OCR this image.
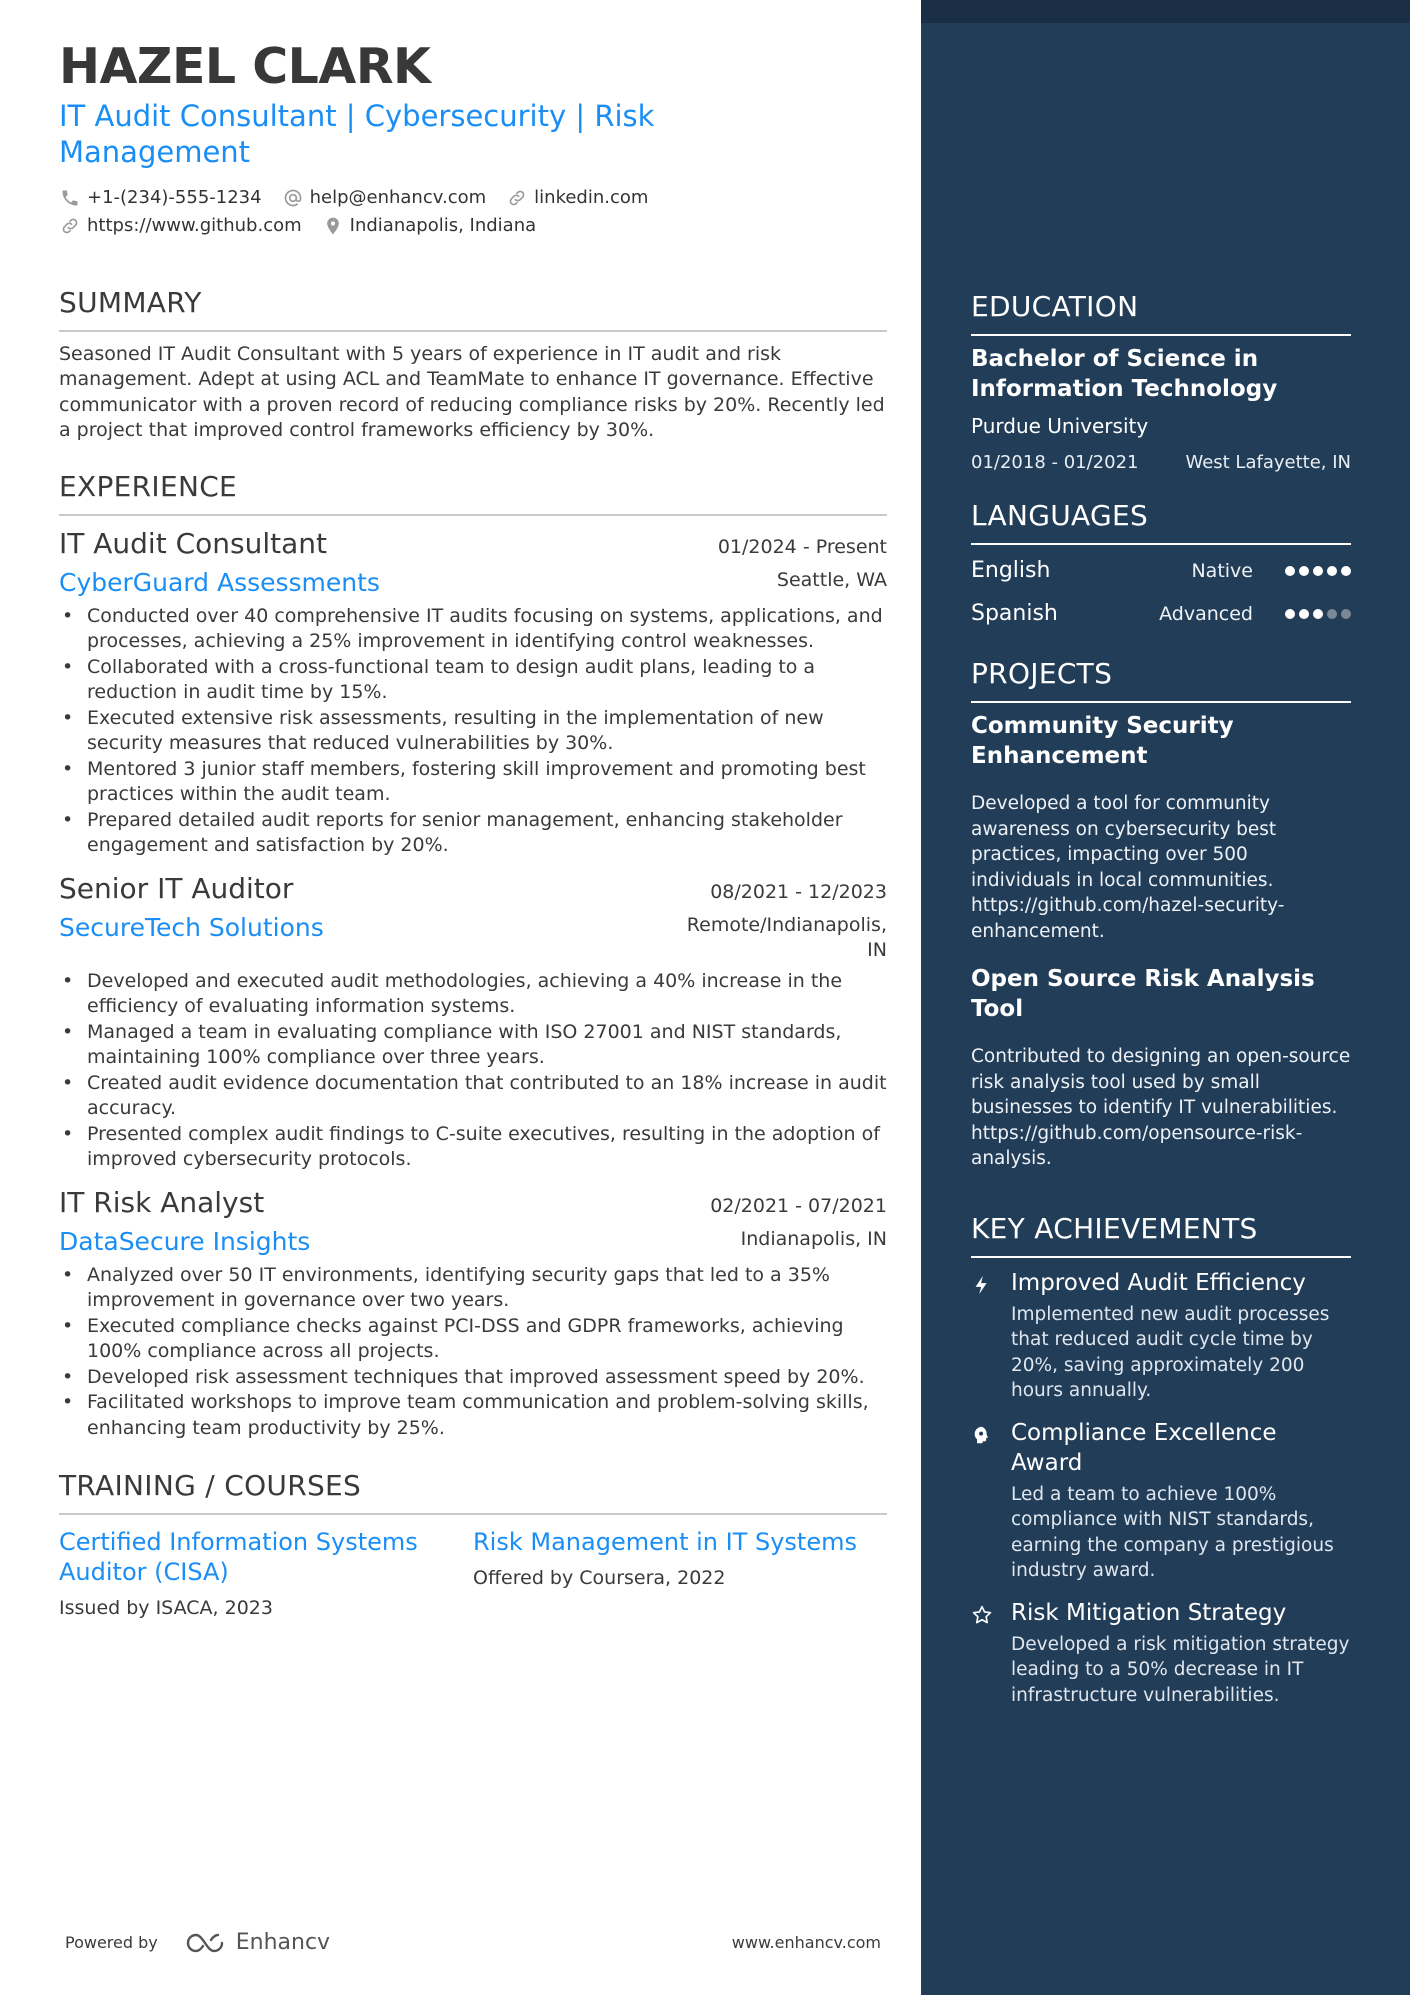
HAZEL CLARK
IT Audit Consultant | Cybersecurity | Risk Management
+1-(234)-555-1234	help@enhancv.com	linkedin.com
https://www.github.com	Indianapolis, Indiana
SUMMARY
Seasoned IT Audit Consultant with 5 years of experience in IT audit and risk management. Adept at using ACL and TeamMate to enhance IT governance. Effective communicator with a proven record of reducing compliance risks by 20%. Recently led a project that improved control frameworks efficiency by 30%.
EXPERIENCE
IT Audit Consultant	01/2024 - Present
CyberGuard Assessments	Seattle, WA
• Conducted over 40 comprehensive IT audits focusing on systems, applications, and processes, achieving a 25% improvement in identifying control weaknesses.
• Collaborated with a cross-functional team to design audit plans, leading to a reduction in audit time by 15%.
• Executed extensive risk assessments, resulting in the implementation of new security measures that reduced vulnerabilities by 30%.
• Mentored 3 junior staff members, fostering skill improvement and promoting best practices within the audit team.
• Prepared detailed audit reports for senior management, enhancing stakeholder engagement and satisfaction by 20%.
Senior IT Auditor	08/2021 - 12/2023
SecureTech Solutions	Remote/Indianapolis, IN
• Developed and executed audit methodologies, achieving a 40% increase in the efficiency of evaluating information systems.
• Managed a team in evaluating compliance with ISO 27001 and NIST standards, maintaining 100% compliance over three years.
• Created audit evidence documentation that contributed to an 18% increase in audit accuracy.
• Presented complex audit findings to C-suite executives, resulting in the adoption of improved cybersecurity protocols.
IT Risk Analyst	02/2021 - 07/2021
DataSecure Insights	Indianapolis, IN
• Analyzed over 50 IT environments, identifying security gaps that led to a 35% improvement in governance over two years.
• Executed compliance checks against PCI-DSS and GDPR frameworks, achieving 100% compliance across all projects.
• Developed risk assessment techniques that improved assessment speed by 20%.
• Facilitated workshops to improve team communication and problem-solving skills, enhancing team productivity by 25%.
TRAINING / COURSES
Certified Information Systems Auditor (CISA)
Issued by ISACA, 2023
Risk Management in IT Systems
Offered by Coursera, 2022
Powered by	Enhancv	www.enhancv.com
EDUCATION
Bachelor of Science in Information Technology
Purdue University
01/2018 - 01/2021	West Lafayette, IN
LANGUAGES
English	Native
Spanish	Advanced
PROJECTS
Community Security Enhancement
Developed a tool for community awareness on cybersecurity best practices, impacting over 500 individuals in local communities. https://github.com/hazel-security-enhancement.
Open Source Risk Analysis Tool
Contributed to designing an open-source risk analysis tool used by small businesses to identify IT vulnerabilities. https://github.com/opensource-risk-analysis.
KEY ACHIEVEMENTS
Improved Audit Efficiency
Implemented new audit processes that reduced audit cycle time by 20%, saving approximately 200 hours annually.
Compliance Excellence Award
Led a team to achieve 100% compliance with NIST standards, earning the company a prestigious industry award.
Risk Mitigation Strategy
Developed a risk mitigation strategy leading to a 50% decrease in IT infrastructure vulnerabilities.
